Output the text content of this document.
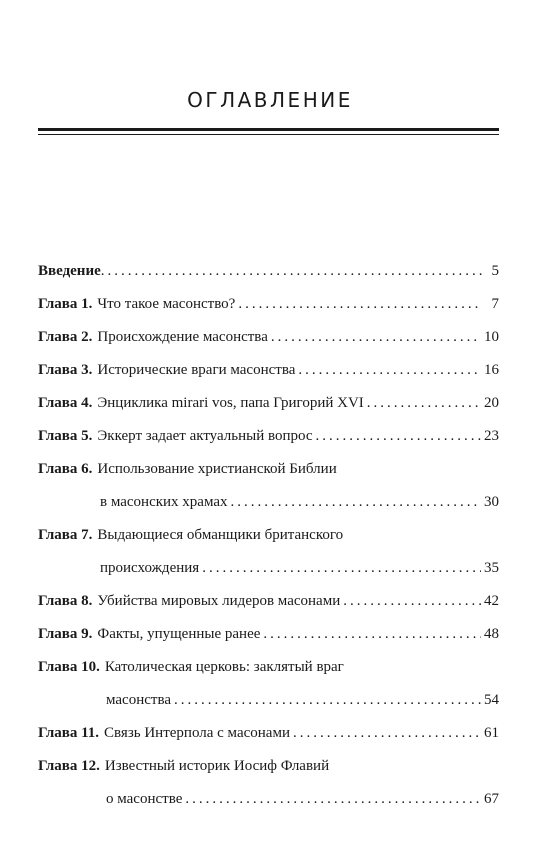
ОГЛАВЛЕНИЕ
Введение .....	5
Глава 1. Что такое масонство? .....	7
Глава 2. Происхождение масонства .....	10
Глава 3. Исторические враги масонства .....	16
Глава 4. Энциклика mirari vos, папа Григорий XVI .....	20
Глава 5. Эккерт задает актуальный вопрос .....	23
Глава 6. Использование христианской Библии
в масонских храмах .....	30
Глава 7. Выдающиеся обманщики британского
происхождения .....	35
Глава 8. Убийства мировых лидеров масонами .....	42
Глава 9. Факты, упущенные ранее .....	48
Глава 10. Католическая церковь: заклятый враг
масонства .....	54
Глава 11. Связь Интерпола с масонами .....	61
Глава 12. Известный историк Иосиф Флавий
о масонстве .....	67
